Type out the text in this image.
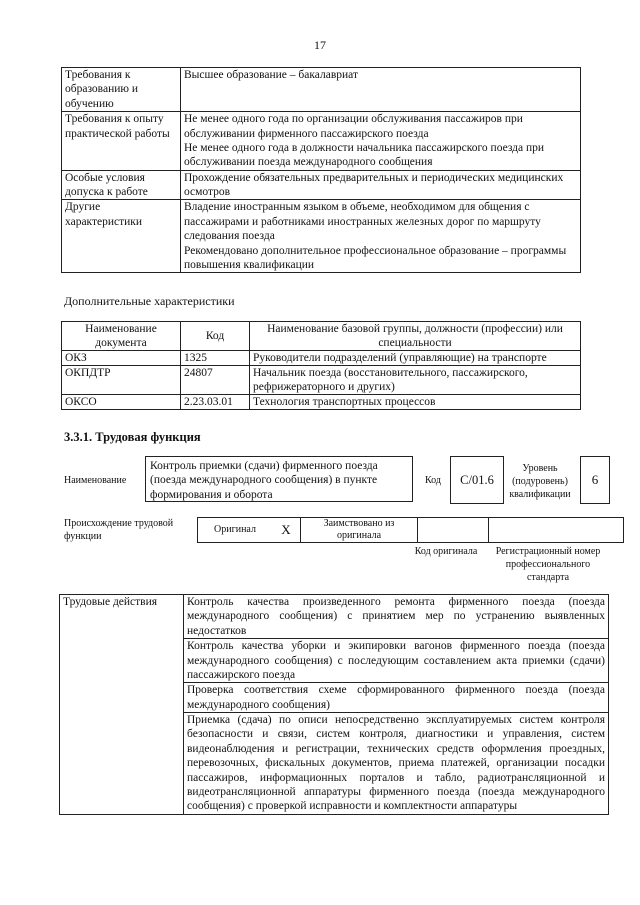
17
Требования к образованию и обучению	Высшее образование – бакалавриат

Требования к опыту практической работы	Не менее одного года по организации обслуживания пассажиров при обслуживании фирменного пассажирского поезда
Не менее одного года в должности начальника пассажирского поезда при обслуживании поезда международного сообщения

Особые условия допуска к работе	Прохождение обязательных предварительных и периодических медицинских осмотров

Другие характеристики	Владение иностранным языком в объеме, необходимом для общения с пассажирами и работниками иностранных железных дорог по маршруту следования поезда
Рекомендовано дополнительное профессиональное образование – программы повышения квалификации
Дополнительные характеристики
Наименование документа	Код	Наименование базовой группы, должности (профессии) или специальности
ОКЗ	1325	Руководители подразделений (управляющие) на транспорте
ОКПДТР	24807	Начальник поезда (восстановительного, пассажирского, рефрижераторного и других)
ОКСО	2.23.03.01	Технология транспортных процессов
3.3.1. Трудовая функция
Наименование
Контроль приемки (сдачи) фирменного поезда (поезда международного сообщения) в пункте формирования и оборота
Код	С/01.6
Уровень (подуровень) квалификации
6
Происхождение трудовой функции
Оригинал	X	Заимствовано из оригинала		
Код оригинала	Регистрационный номер профессионального стандарта
Трудовые действия	Контроль качества произведенного ремонта фирменного поезда (поезда международного сообщения) с принятием мер по устранению выявленных недостатков
Контроль качества уборки и экипировки вагонов фирменного поезда (поезда международного сообщения) с последующим составлением акта приемки (сдачи) пассажирского поезда
Проверка соответствия схеме сформированного фирменного поезда (поезда международного сообщения)
Приемка (сдача) по описи непосредственно эксплуатируемых систем контроля безопасности и связи, систем контроля, диагностики и управления, систем видеонаблюдения и регистрации, технических средств оформления проездных, перевозочных, фискальных документов, приема платежей, организации посадки пассажиров, информационных порталов и табло, радиотрансляционной и видеотрансляционной аппаратуры фирменного поезда (поезда международного сообщения) с проверкой исправности и комплектности аппаратуры
